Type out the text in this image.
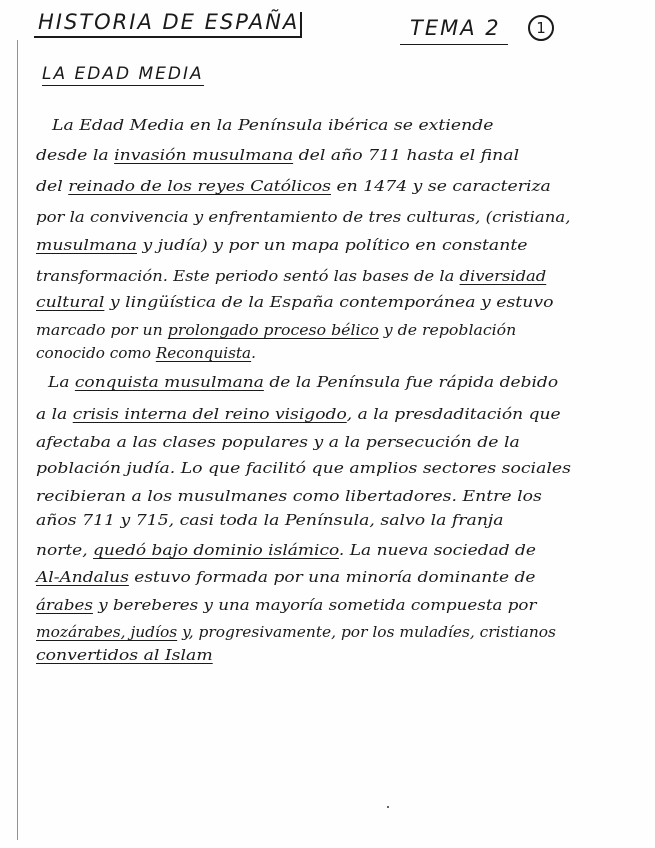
HISTORIA DE ESPAÑA	TEMA 2	1
LA EDAD MEDIA
La Edad Media en la Península ibérica se extiende
desde la invasión musulmana del año 711 hasta el final
del reinado de los reyes Católicos en 1474 y se caracteriza
por la convivencia y enfrentamiento de tres culturas, (cristiana,
musulmana y judía) y por un mapa político en constante
transformación. Este periodo sentó las bases de la diversidad
cultural y lingüística de la España contemporánea y estuvo
marcado por un prolongado proceso bélico y de repoblación
conocido como Reconquista.
La conquista musulmana de la Península fue rápida debido
a la crisis interna del reino visigodo, a la presdaditación que
afectaba a las clases populares y a la persecución de la
población judía. Lo que facilitó que amplios sectores sociales
recibieran a los musulmanes como libertadores. Entre los
años 711 y 715, casi toda la Península, salvo la franja
norte, quedó bajo dominio islámico. La nueva sociedad de
Al-Andalus estuvo formada por una minoría dominante de
árabes y bereberes y una mayoría sometida compuesta por
mozárabes, judíos y, progresivamente, por los muladíes, cristianos
convertidos al Islam
